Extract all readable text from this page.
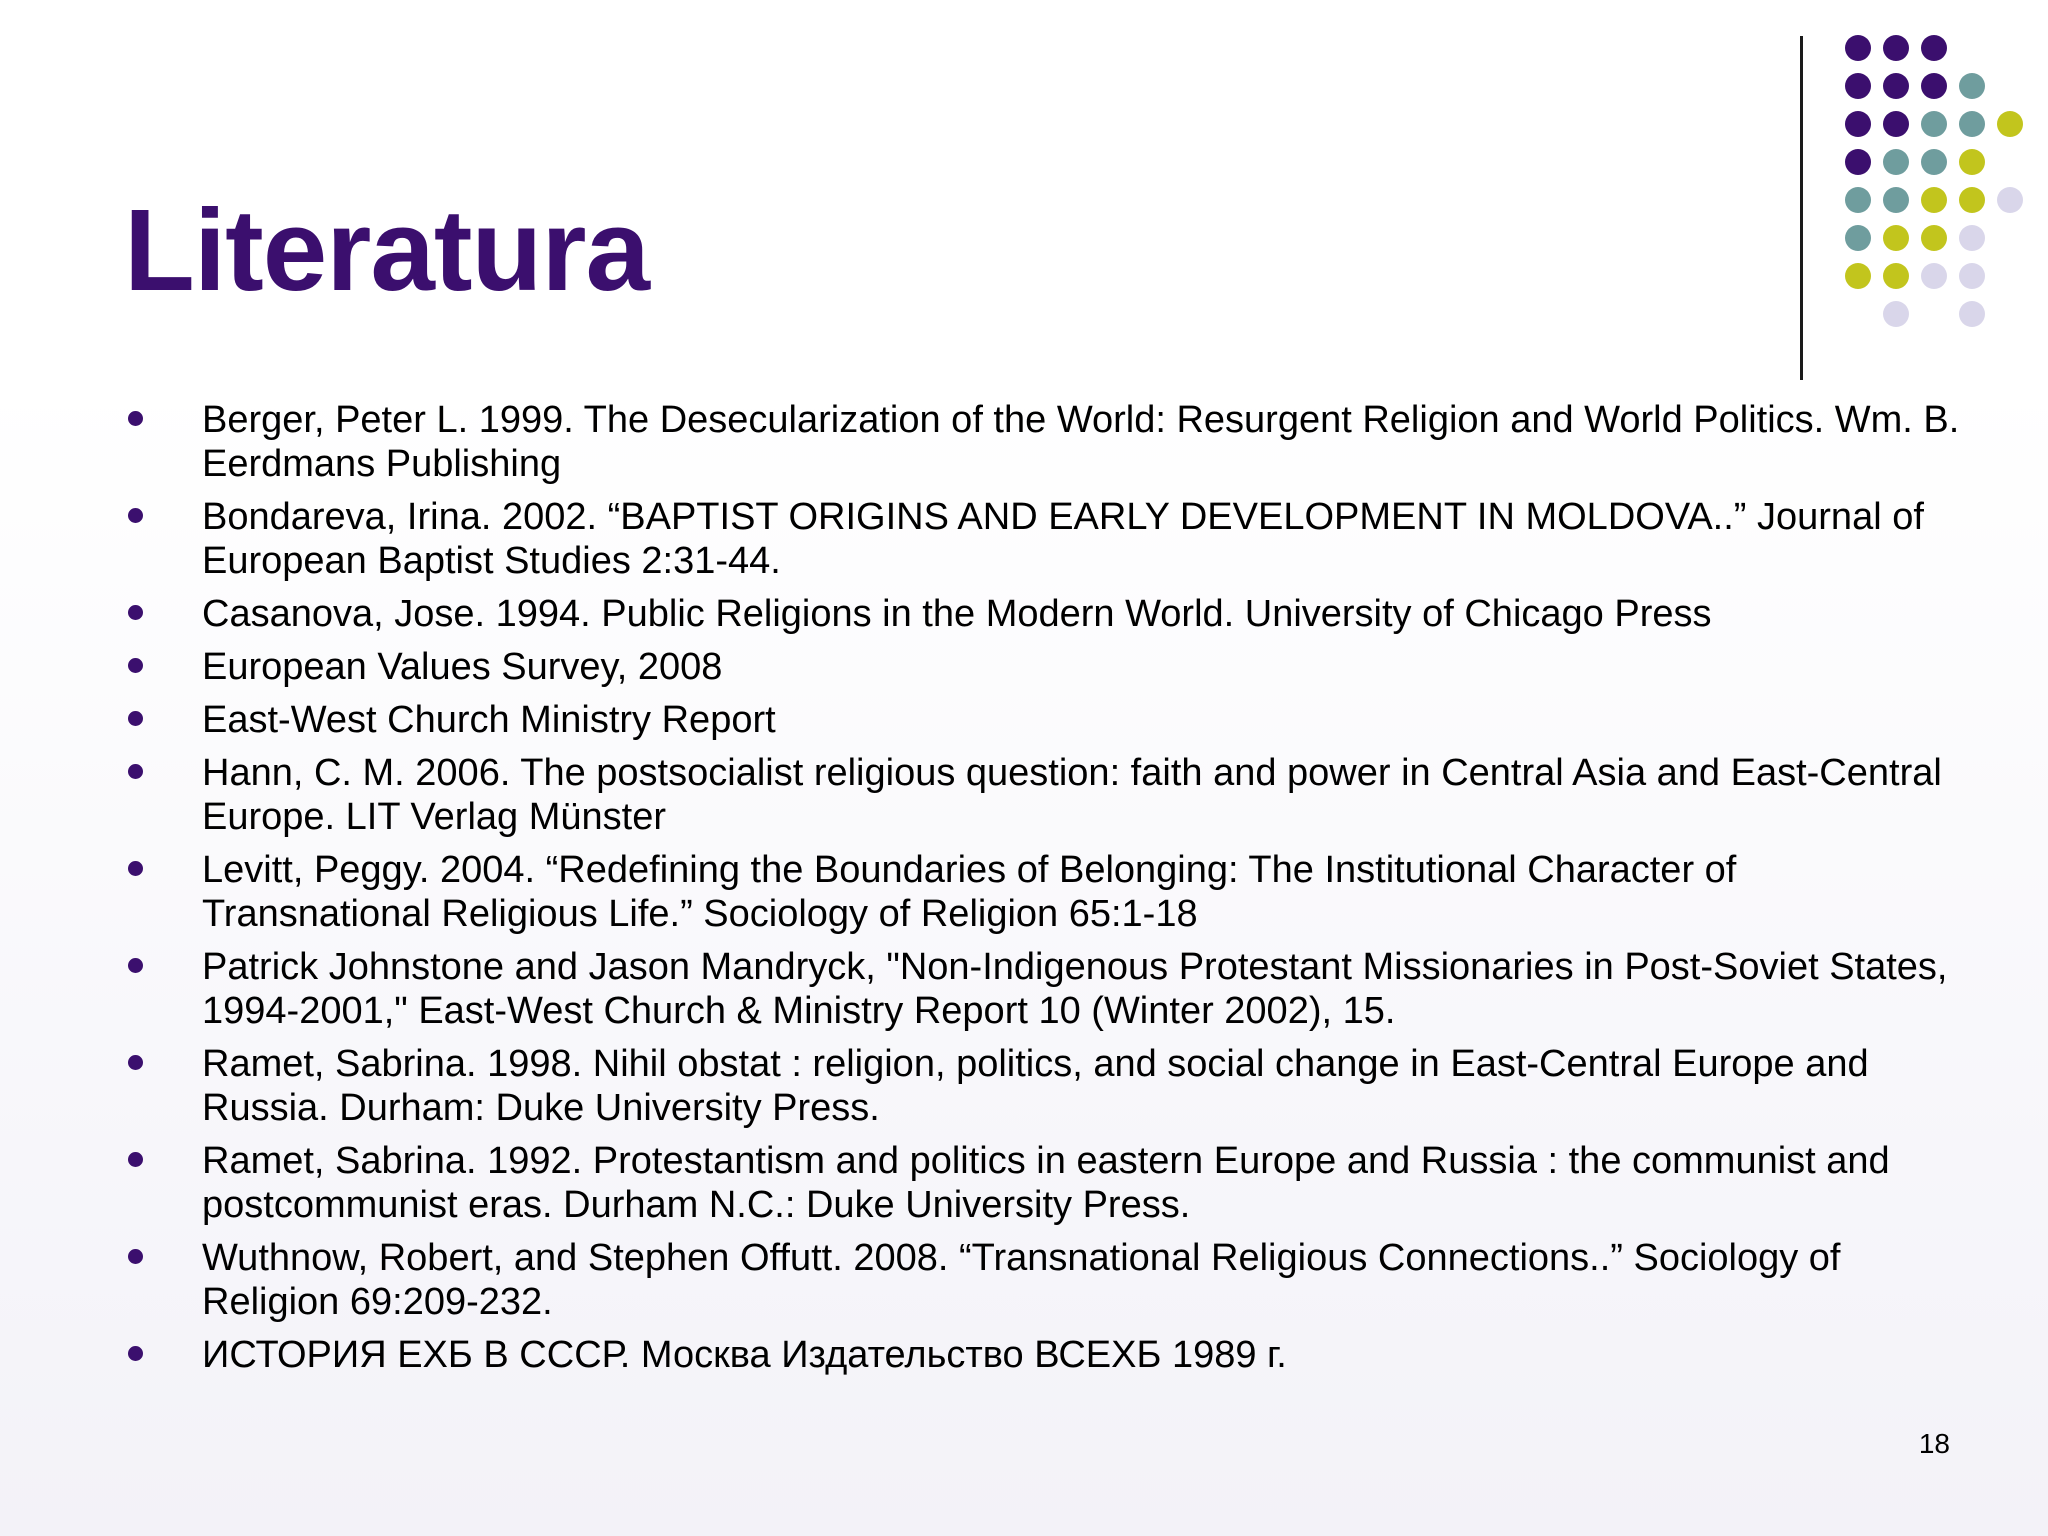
Literatura
Berger, Peter L. 1999. The Desecularization of the World: Resurgent Religion and World Politics. Wm. B. Eerdmans Publishing
Bondareva, Irina. 2002. “BAPTIST ORIGINS AND EARLY DEVELOPMENT IN MOLDOVA..” Journal of European Baptist Studies 2:31-44.
Casanova, Jose. 1994. Public Religions in the Modern World. University of Chicago Press
European Values Survey, 2008
East-West Church Ministry Report
Hann, C. M. 2006. The postsocialist religious question: faith and power in Central Asia and East-Central Europe. LIT Verlag Münster
Levitt, Peggy. 2004. “Redefining the Boundaries of Belonging: The Institutional Character of Transnational Religious Life.” Sociology of Religion 65:1-18
Patrick Johnstone and Jason Mandryck, "Non-Indigenous Protestant Missionaries in Post-Soviet States, 1994-2001," East-West Church & Ministry Report 10 (Winter 2002), 15.
Ramet, Sabrina. 1998. Nihil obstat : religion, politics, and social change in East-Central Europe and Russia. Durham: Duke University Press.
Ramet, Sabrina. 1992. Protestantism and politics in eastern Europe and Russia : the communist and postcommunist eras. Durham N.C.: Duke University Press.
Wuthnow, Robert, and Stephen Offutt. 2008. “Transnational Religious Connections..” Sociology of Religion 69:209-232.
ИСТОРИЯ ЕХБ В СССР. Москва Издательство ВСЕХБ 1989 г.
18
